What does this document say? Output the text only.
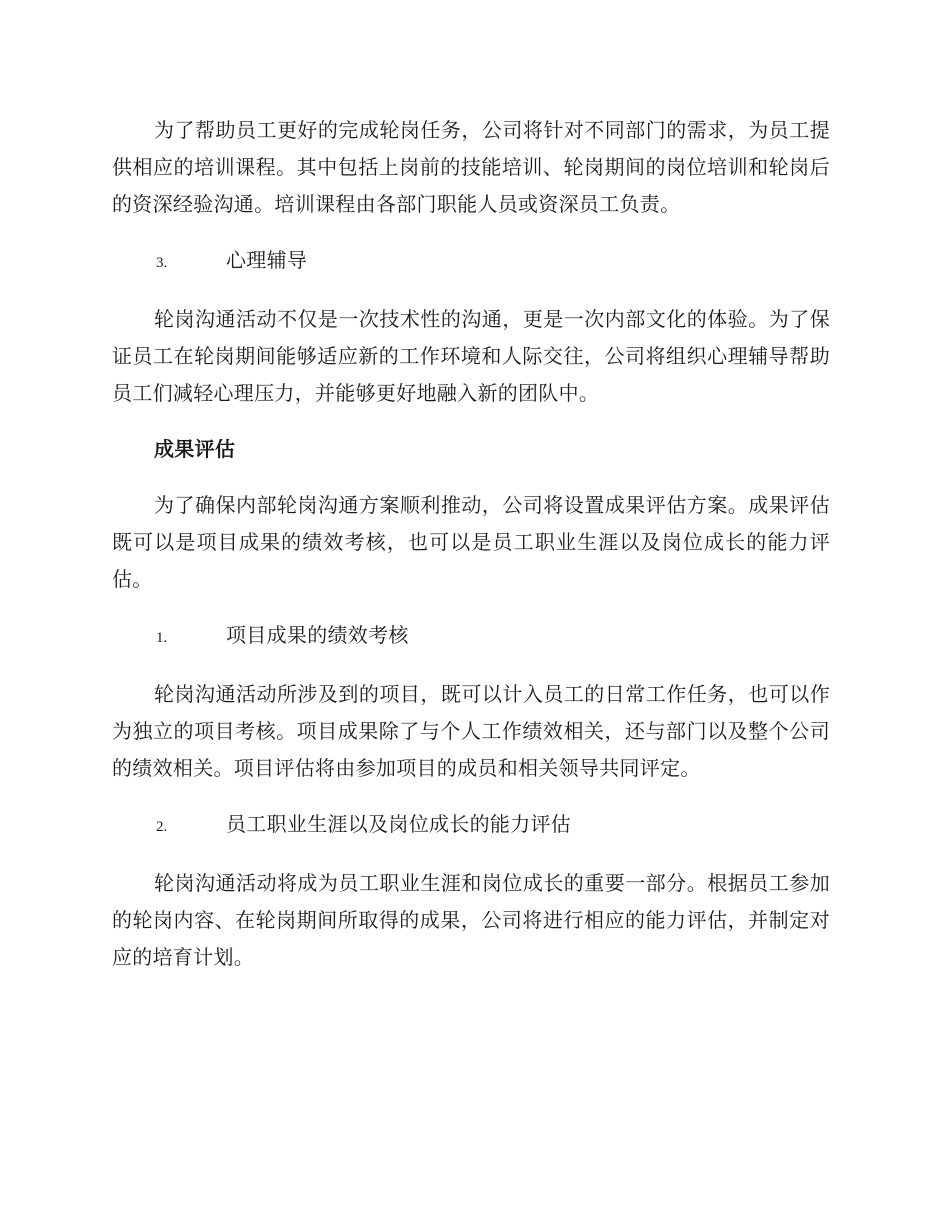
为了帮助员工更好的完成轮岗任务，公司将针对不同部门的需求，为员工提供相应的培训课程。其中包括上岗前的技能培训、轮岗期间的岗位培训和轮岗后的资深经验沟通。培训课程由各部门职能人员或资深员工负责。

3.	心理辅导

轮岗沟通活动不仅是一次技术性的沟通，更是一次内部文化的体验。为了保证员工在轮岗期间能够适应新的工作环境和人际交往，公司将组织心理辅导帮助员工们减轻心理压力，并能够更好地融入新的团队中。

成果评估

为了确保内部轮岗沟通方案顺利推动，公司将设置成果评估方案。成果评估既可以是项目成果的绩效考核，也可以是员工职业生涯以及岗位成长的能力评估。

1.	项目成果的绩效考核

轮岗沟通活动所涉及到的项目，既可以计入员工的日常工作任务，也可以作为独立的项目考核。项目成果除了与个人工作绩效相关，还与部门以及整个公司的绩效相关。项目评估将由参加项目的成员和相关领导共同评定。

2.	员工职业生涯以及岗位成长的能力评估

轮岗沟通活动将成为员工职业生涯和岗位成长的重要一部分。根据员工参加的轮岗内容、在轮岗期间所取得的成果，公司将进行相应的能力评估，并制定对应的培育计划。
